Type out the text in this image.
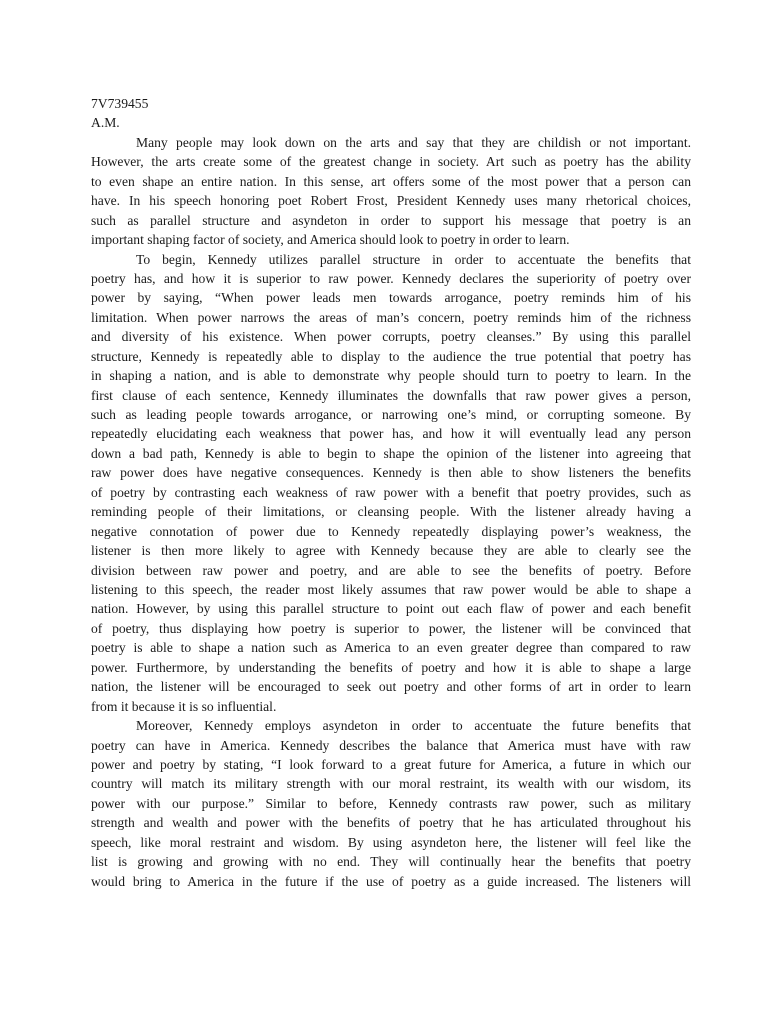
7V739455
A.M.
Many people may look down on the arts and say that they are childish or not important.
However, the arts create some of the greatest change in society. Art such as poetry has the ability
to even shape an entire nation. In this sense, art offers some of the most power that a person can
have. In his speech honoring poet Robert Frost, President Kennedy uses many rhetorical choices,
such as parallel structure and asyndeton in order to support his message that poetry is an
important shaping factor of society, and America should look to poetry in order to learn.
To begin, Kennedy utilizes parallel structure in order to accentuate the benefits that
poetry has, and how it is superior to raw power. Kennedy declares the superiority of poetry over
power by saying, “When power leads men towards arrogance, poetry reminds him of his
limitation. When power narrows the areas of man’s concern, poetry reminds him of the richness
and diversity of his existence. When power corrupts, poetry cleanses.” By using this parallel
structure, Kennedy is repeatedly able to display to the audience the true potential that poetry has
in shaping a nation, and is able to demonstrate why people should turn to poetry to learn. In the
first clause of each sentence, Kennedy illuminates the downfalls that raw power gives a person,
such as leading people towards arrogance, or narrowing one’s mind, or corrupting someone. By
repeatedly elucidating each weakness that power has, and how it will eventually lead any person
down a bad path, Kennedy is able to begin to shape the opinion of the listener into agreeing that
raw power does have negative consequences. Kennedy is then able to show listeners the benefits
of poetry by contrasting each weakness of raw power with a benefit that poetry provides, such as
reminding people of their limitations, or cleansing people. With the listener already having a
negative connotation of power due to Kennedy repeatedly displaying power’s weakness, the
listener is then more likely to agree with Kennedy because they are able to clearly see the
division between raw power and poetry, and are able to see the benefits of poetry. Before
listening to this speech, the reader most likely assumes that raw power would be able to shape a
nation. However, by using this parallel structure to point out each flaw of power and each benefit
of poetry, thus displaying how poetry is superior to power, the listener will be convinced that
poetry is able to shape a nation such as America to an even greater degree than compared to raw
power. Furthermore, by understanding the benefits of poetry and how it is able to shape a large
nation, the listener will be encouraged to seek out poetry and other forms of art in order to learn
from it because it is so influential.
Moreover, Kennedy employs asyndeton in order to accentuate the future benefits that
poetry can have in America. Kennedy describes the balance that America must have with raw
power and poetry by stating, “I look forward to a great future for America, a future in which our
country will match its military strength with our moral restraint, its wealth with our wisdom, its
power with our purpose.” Similar to before, Kennedy contrasts raw power, such as military
strength and wealth and power with the benefits of poetry that he has articulated throughout his
speech, like moral restraint and wisdom. By using asyndeton here, the listener will feel like the
list is growing and growing with no end. They will continually hear the benefits that poetry
would bring to America in the future if the use of poetry as a guide increased. The listeners will
